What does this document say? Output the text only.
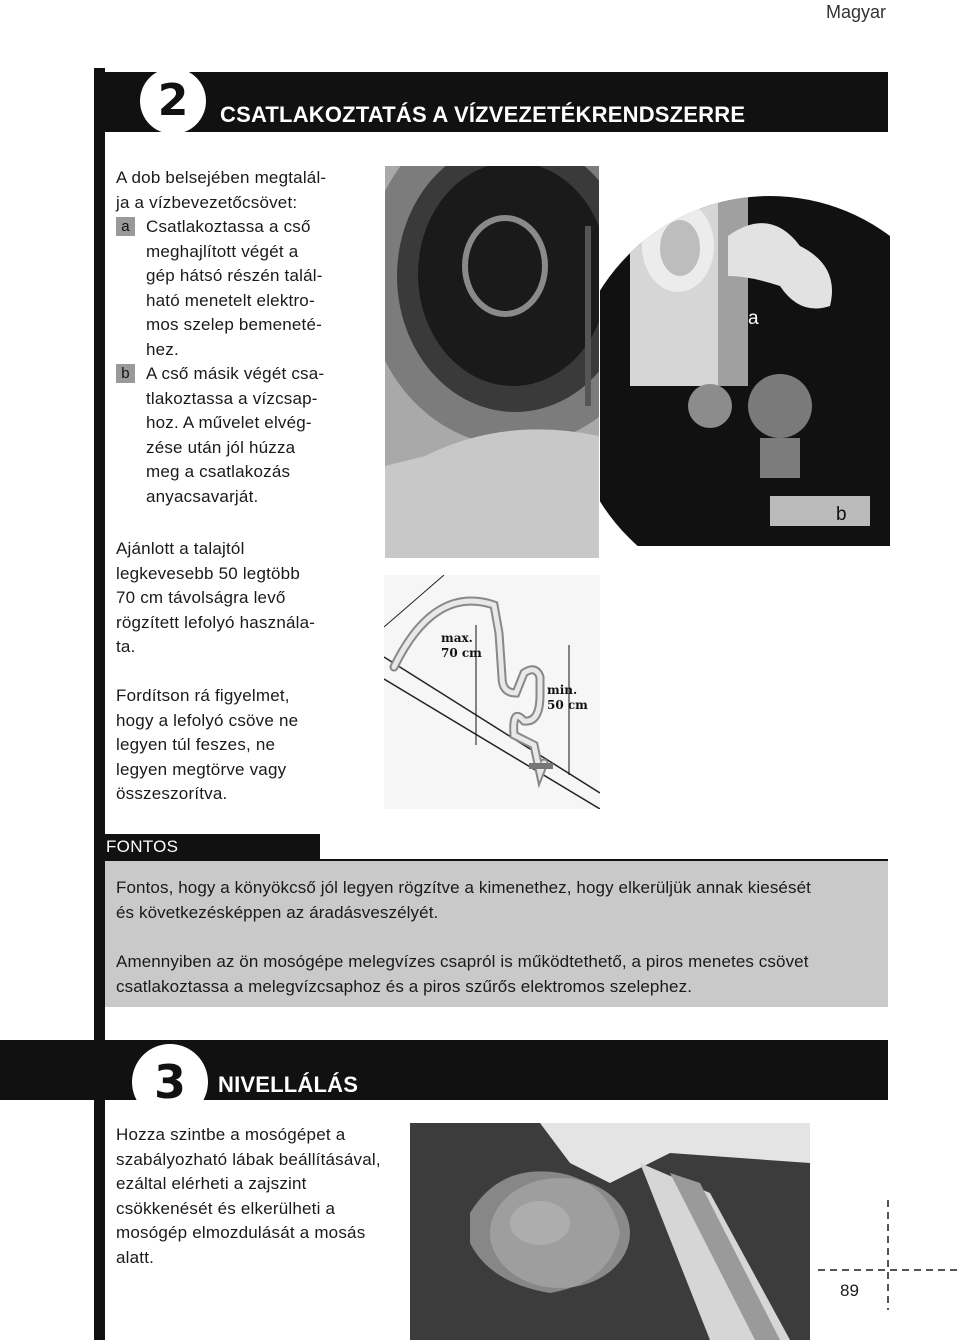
Magyar
2	CSATLAKOZTATÁS A VÍZVEZETÉKRENDSZERRE
A dob belsejében megtalál-
ja a vízbevezetőcsövet:
a Csatlakoztassa a cső
meghajlított végét a
gép hátsó részén talál-
ható menetelt elektro-
mos szelep bemeneté-
hez.
b A cső másik végét csa-
tlakoztassa a vízcsap-
hoz. A művelet elvég-
zése után jól húzza
meg a csatlakozás
anyacsavarját.
Ajánlott a talajtól
legkevesebb 50 legtöbb
70 cm távolságra levő
rögzített lefolyó használa-
ta.
Fordítson rá figyelmet,
hogy a lefolyó csöve ne
legyen túl feszes, ne
legyen megtörve vagy
összeszorítva.
a
b
max.
70 cm
min.
50 cm
FONTOS
Fontos, hogy a könyökcső jól legyen rögzítve a kimenethez, hogy elkerüljük annak kiesését
és következésképpen az áradásveszélyét.
Amennyiben az ön mosógépe melegvízes csapról is működtethető, a piros menetes csövet
csatlakoztassa a melegvízcsaphoz és a piros szűrős elektromos szelephez.
3	NIVELLÁLÁS
Hozza szintbe a mosógépet a
szabályozható lábak beállításával,
ezáltal elérheti a zajszint
csökkenését és elkerülheti a
mosógép elmozdulását a mosás
alatt.
89
